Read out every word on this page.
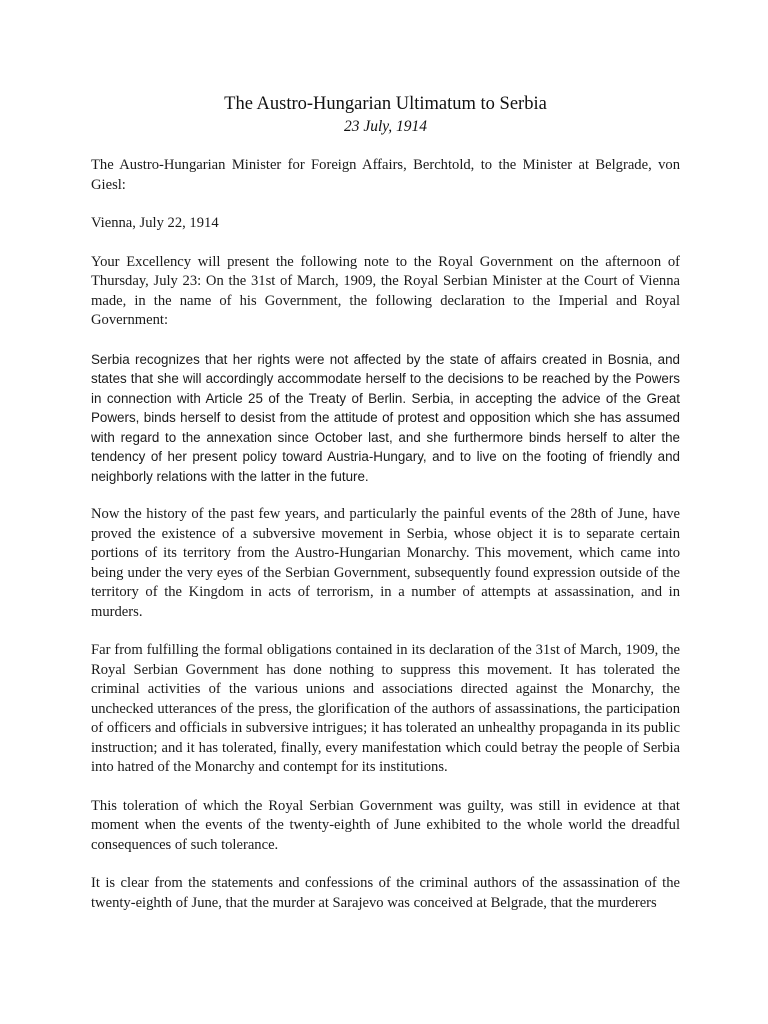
The Austro-Hungarian Ultimatum to Serbia
23 July, 1914

The Austro-Hungarian Minister for Foreign Affairs, Berchtold, to the Minister at Belgrade, von Giesl:

Vienna, July 22, 1914

Your Excellency will present the following note to the Royal Government on the afternoon of Thursday, July 23: On the 31st of March, 1909, the Royal Serbian Minister at the Court of Vienna made, in the name of his Government, the following declaration to the Imperial and Royal Government:

Serbia recognizes that her rights were not affected by the state of affairs created in Bosnia, and states that she will accordingly accommodate herself to the decisions to be reached by the Powers in connection with Article 25 of the Treaty of Berlin. Serbia, in accepting the advice of the Great Powers, binds herself to desist from the attitude of protest and opposition which she has assumed with regard to the annexation since October last, and she furthermore binds herself to alter the tendency of her present policy toward Austria-Hungary, and to live on the footing of friendly and neighborly relations with the latter in the future.

Now the history of the past few years, and particularly the painful events of the 28th of June, have proved the existence of a subversive movement in Serbia, whose object it is to separate certain portions of its territory from the Austro-Hungarian Monarchy. This movement, which came into being under the very eyes of the Serbian Government, subsequently found expression outside of the territory of the Kingdom in acts of terrorism, in a number of attempts at assassination, and in murders.

Far from fulfilling the formal obligations contained in its declaration of the 31st of March, 1909, the Royal Serbian Government has done nothing to suppress this movement. It has tolerated the criminal activities of the various unions and associations directed against the Monarchy, the unchecked utterances of the press, the glorification of the authors of assassinations, the participation of officers and officials in subversive intrigues; it has tolerated an unhealthy propaganda in its public instruction; and it has tolerated, finally, every manifestation which could betray the people of Serbia into hatred of the Monarchy and contempt for its institutions.

This toleration of which the Royal Serbian Government was guilty, was still in evidence at that moment when the events of the twenty-eighth of June exhibited to the whole world the dreadful consequences of such tolerance.

It is clear from the statements and confessions of the criminal authors of the assassination of the twenty-eighth of June, that the murder at Sarajevo was conceived at Belgrade, that the murderers
